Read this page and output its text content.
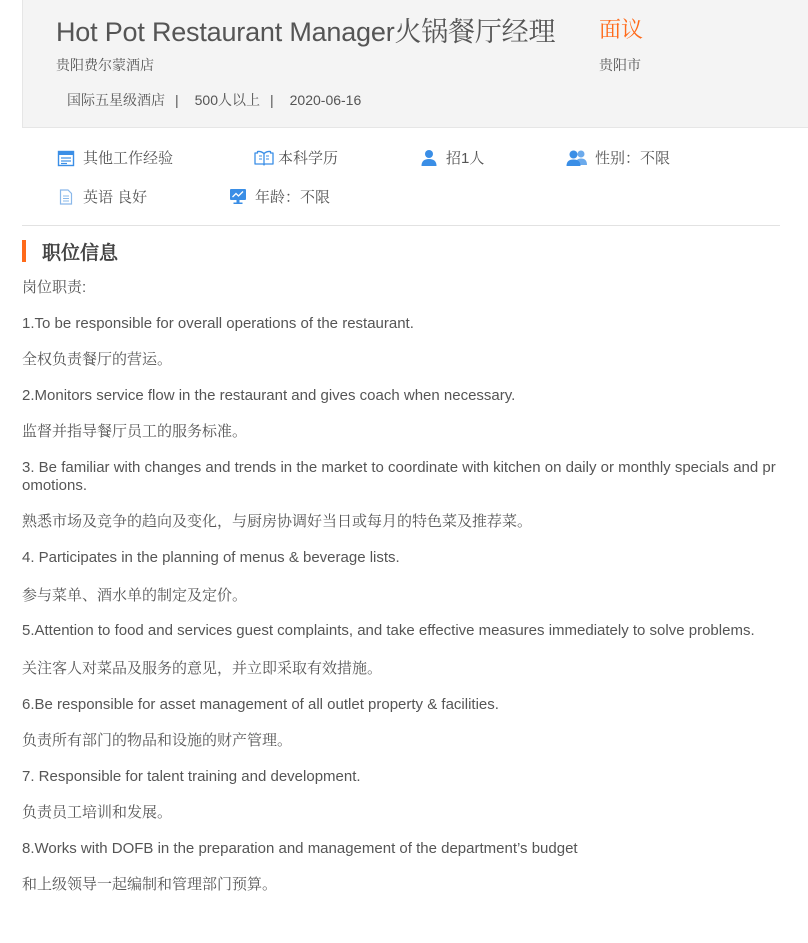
Hot Pot Restaurant Manager火锅餐厅经理 面议
贵阳费尔蒙酒店	贵阳市
国际五星级酒店 | 500人以上 | 2020-06-16
其他工作经验	本科学历	招1人	性别：不限
英语 良好	年龄：不限
职位信息

岗位职责:

1.To be responsible for overall operations of the restaurant.

全权负责餐厅的营运。

2.Monitors service flow in the restaurant and gives coach when necessary.

监督并指导餐厅员工的服务标准。

3. Be familiar with changes and trends in the market to coordinate with kitchen on daily or monthly specials and promotions.

熟悉市场及竞争的趋向及变化，与厨房协调好当日或每月的特色菜及推荐菜。

4. Participates in the planning of menus & beverage lists.

参与菜单、酒水单的制定及定价。

5.Attention to food and services guest complaints, and take effective measures immediately to solve problems.

关注客人对菜品及服务的意见，并立即采取有效措施。

6.Be responsible for asset management of all outlet property & facilities.

负责所有部门的物品和设施的财产管理。

7. Responsible for talent training and development.

负责员工培训和发展。

8.Works with DOFB in the preparation and management of the department’s budget

和上级领导一起编制和管理部门预算。
